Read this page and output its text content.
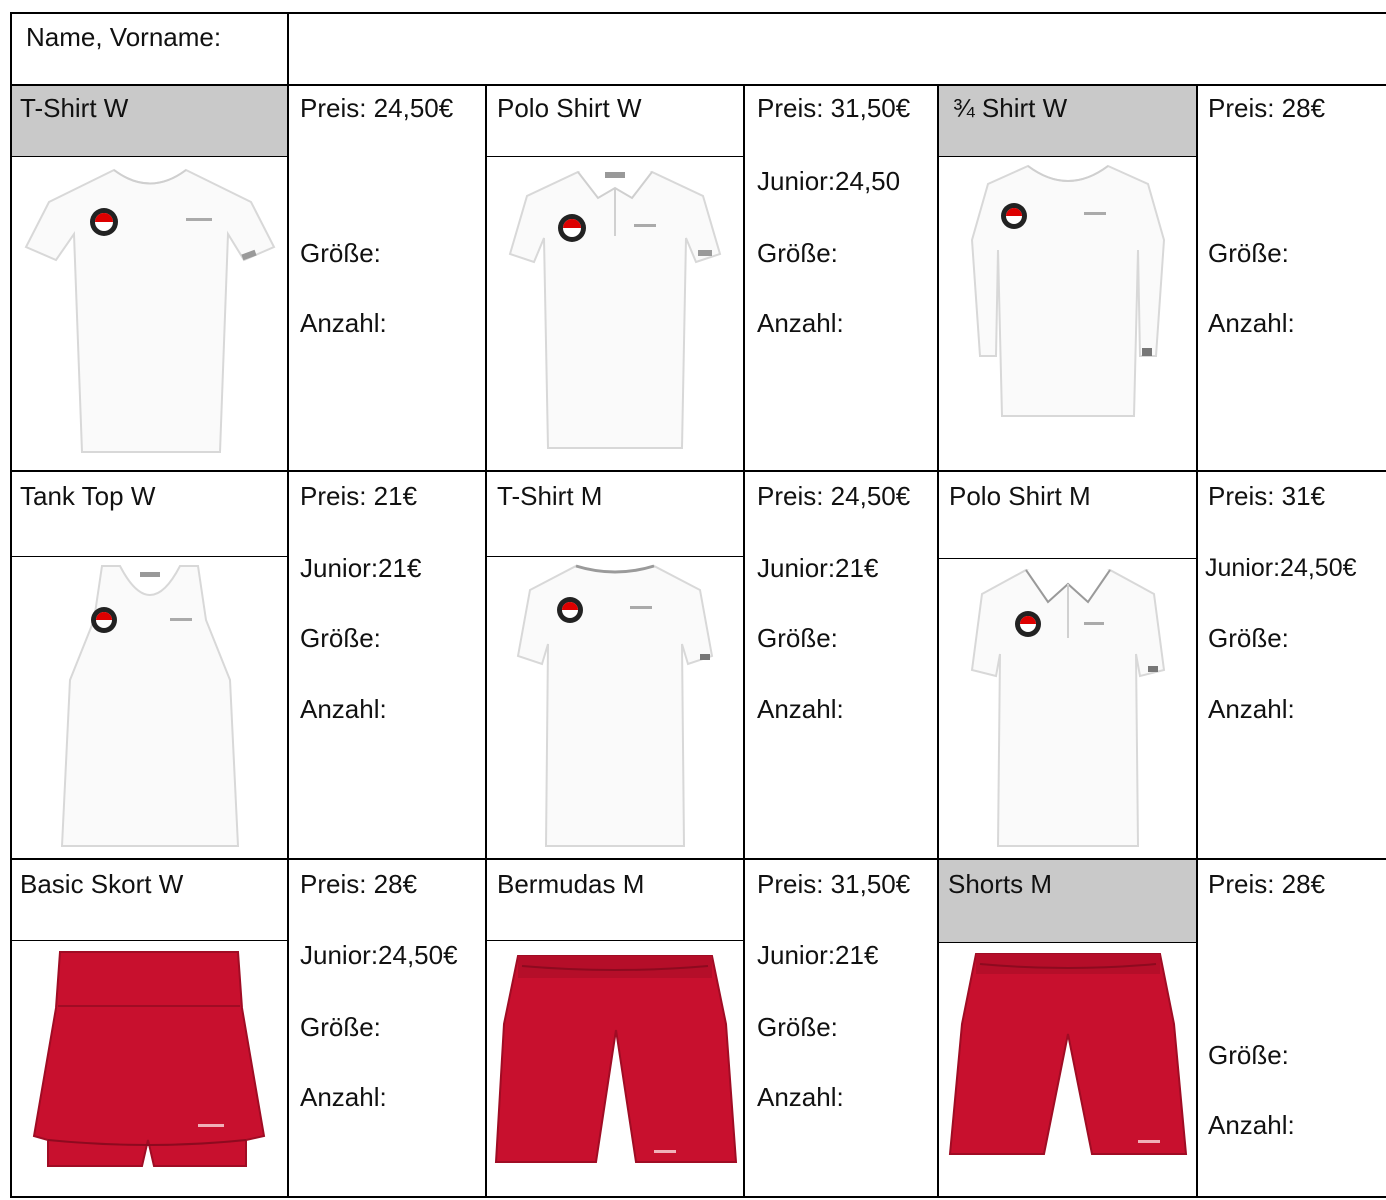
Name, Vorname:
T-Shirt W	Preis: 24,50€
Größe:
Anzahl:
Polo Shirt W	Preis: 31,50€
Junior:24,50
Größe:
Anzahl:
¾ Shirt W	Preis: 28€
Größe:
Anzahl:
Tank Top W	Preis: 21€
Junior:21€
Größe:
Anzahl:
T-Shirt M	Preis: 24,50€
Junior:21€
Größe:
Anzahl:
Polo Shirt M	Preis: 31€
Junior:24,50€
Größe:
Anzahl:
Basic Skort W	Preis: 28€
Junior:24,50€
Größe:
Anzahl:
Bermudas M	Preis: 31,50€
Junior:21€
Größe:
Anzahl:
Shorts M	Preis: 28€
Größe:
Anzahl:
